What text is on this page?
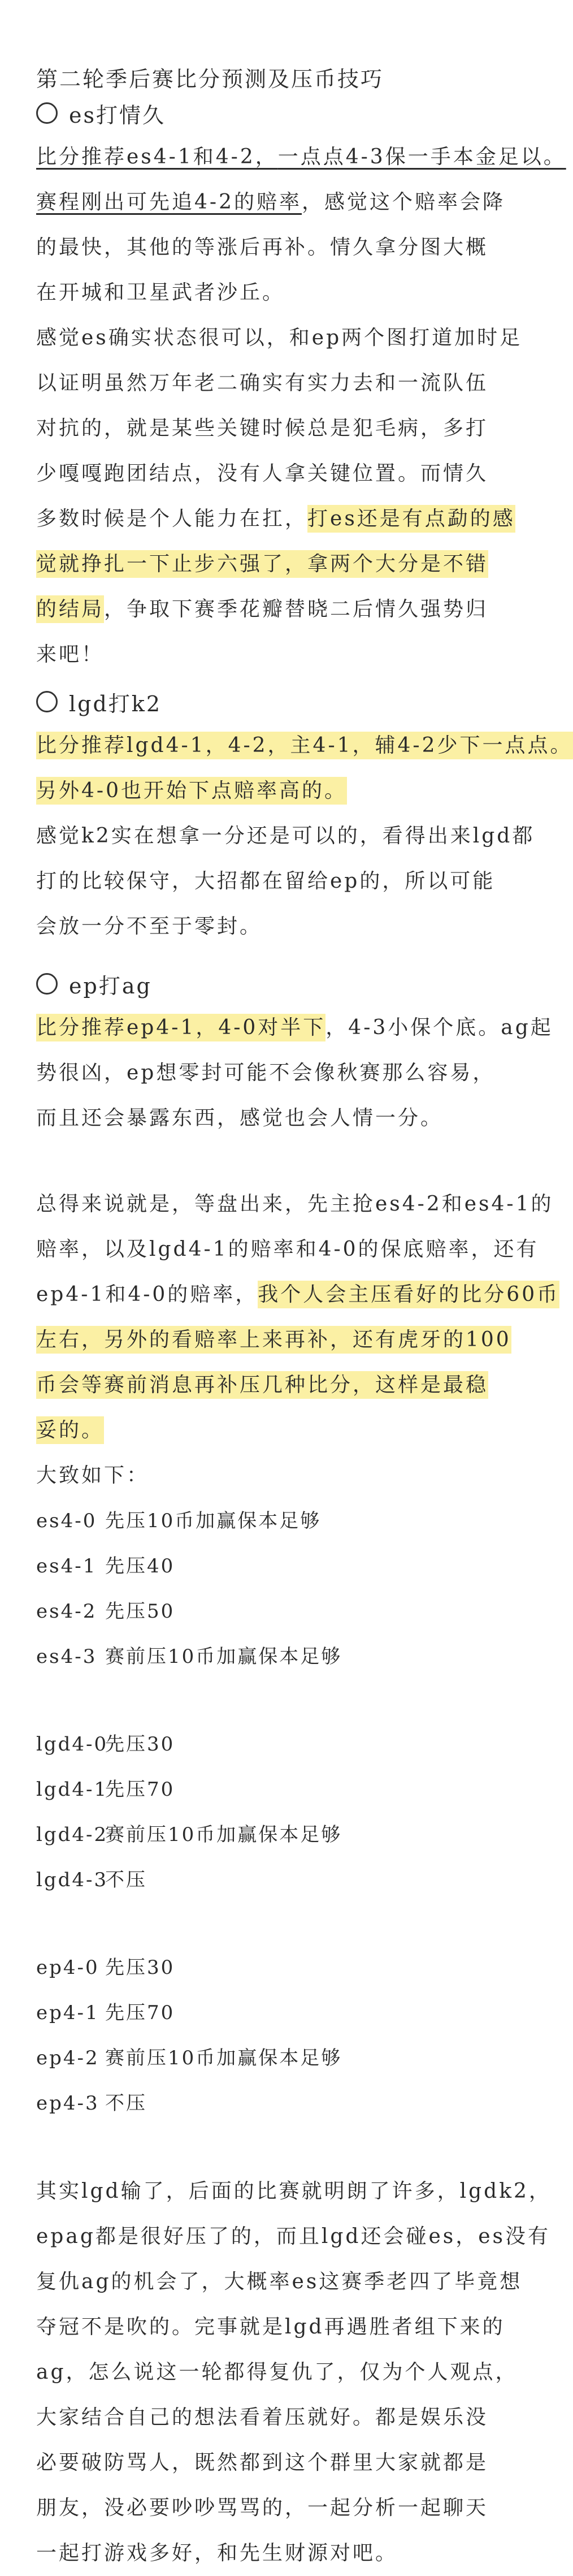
第二轮季后赛比分预测及压币技巧
es打情久
比分推荐es4-1和4-2，一点点4-3保一手本金足以。
赛程刚出可先追4-2的赔率，感觉这个赔率会降
的最快，其他的等涨后再补。情久拿分图大概
在开城和卫星武者沙丘。
感觉es确实状态很可以，和ep两个图打道加时足
以证明虽然万年老二确实有实力去和一流队伍
对抗的，就是某些关键时候总是犯毛病，多打
少嘎嘎跑团结点，没有人拿关键位置。而情久
多数时候是个人能力在扛，打es还是有点勐的感
觉就挣扎一下止步六强了，拿两个大分是不错
的结局，争取下赛季花瓣替晓二后情久强势归
来吧！
lgd打k2
比分推荐lgd4-1，4-2，主4-1，辅4-2少下一点点。
另外4-0也开始下点赔率高的。
感觉k2实在想拿一分还是可以的，看得出来lgd都
打的比较保守，大招都在留给ep的，所以可能
会放一分不至于零封。
ep打ag
比分推荐ep4-1，4-0对半下，4-3小保个底。ag起
势很凶，ep想零封可能不会像秋赛那么容易，
而且还会暴露东西，感觉也会人情一分。
总得来说就是，等盘出来，先主抢es4-2和es4-1的
赔率，以及lgd4-1的赔率和4-0的保底赔率，还有
ep4-1和4-0的赔率，我个人会主压看好的比分60币
左右，另外的看赔率上来再补，还有虎牙的100
币会等赛前消息再补压几种比分，这样是最稳
妥的。
大致如下：
es4-0 先压10币加赢保本足够
es4-1 先压40
es4-2 先压50
es4-3 赛前压10币加赢保本足够
lgd4-0
先压30
lgd4-1
先压70
lgd4-2
赛前压10币加赢保本足够
lgd4-3
不压
ep4-0 先压30
ep4-1 先压70
ep4-2 赛前压10币加赢保本足够
ep4-3 不压
其实lgd输了，后面的比赛就明朗了许多，lgdk2，
epag都是很好压了的，而且lgd还会碰es，es没有
复仇ag的机会了，大概率es这赛季老四了毕竟想
夺冠不是吹的。完事就是lgd再遇胜者组下来的
ag，怎么说这一轮都得复仇了，仅为个人观点，
大家结合自己的想法看着压就好。都是娱乐没
必要破防骂人，既然都到这个群里大家就都是
朋友，没必要吵吵骂骂的，一起分析一起聊天
一起打游戏多好，和先生财源对吧。
